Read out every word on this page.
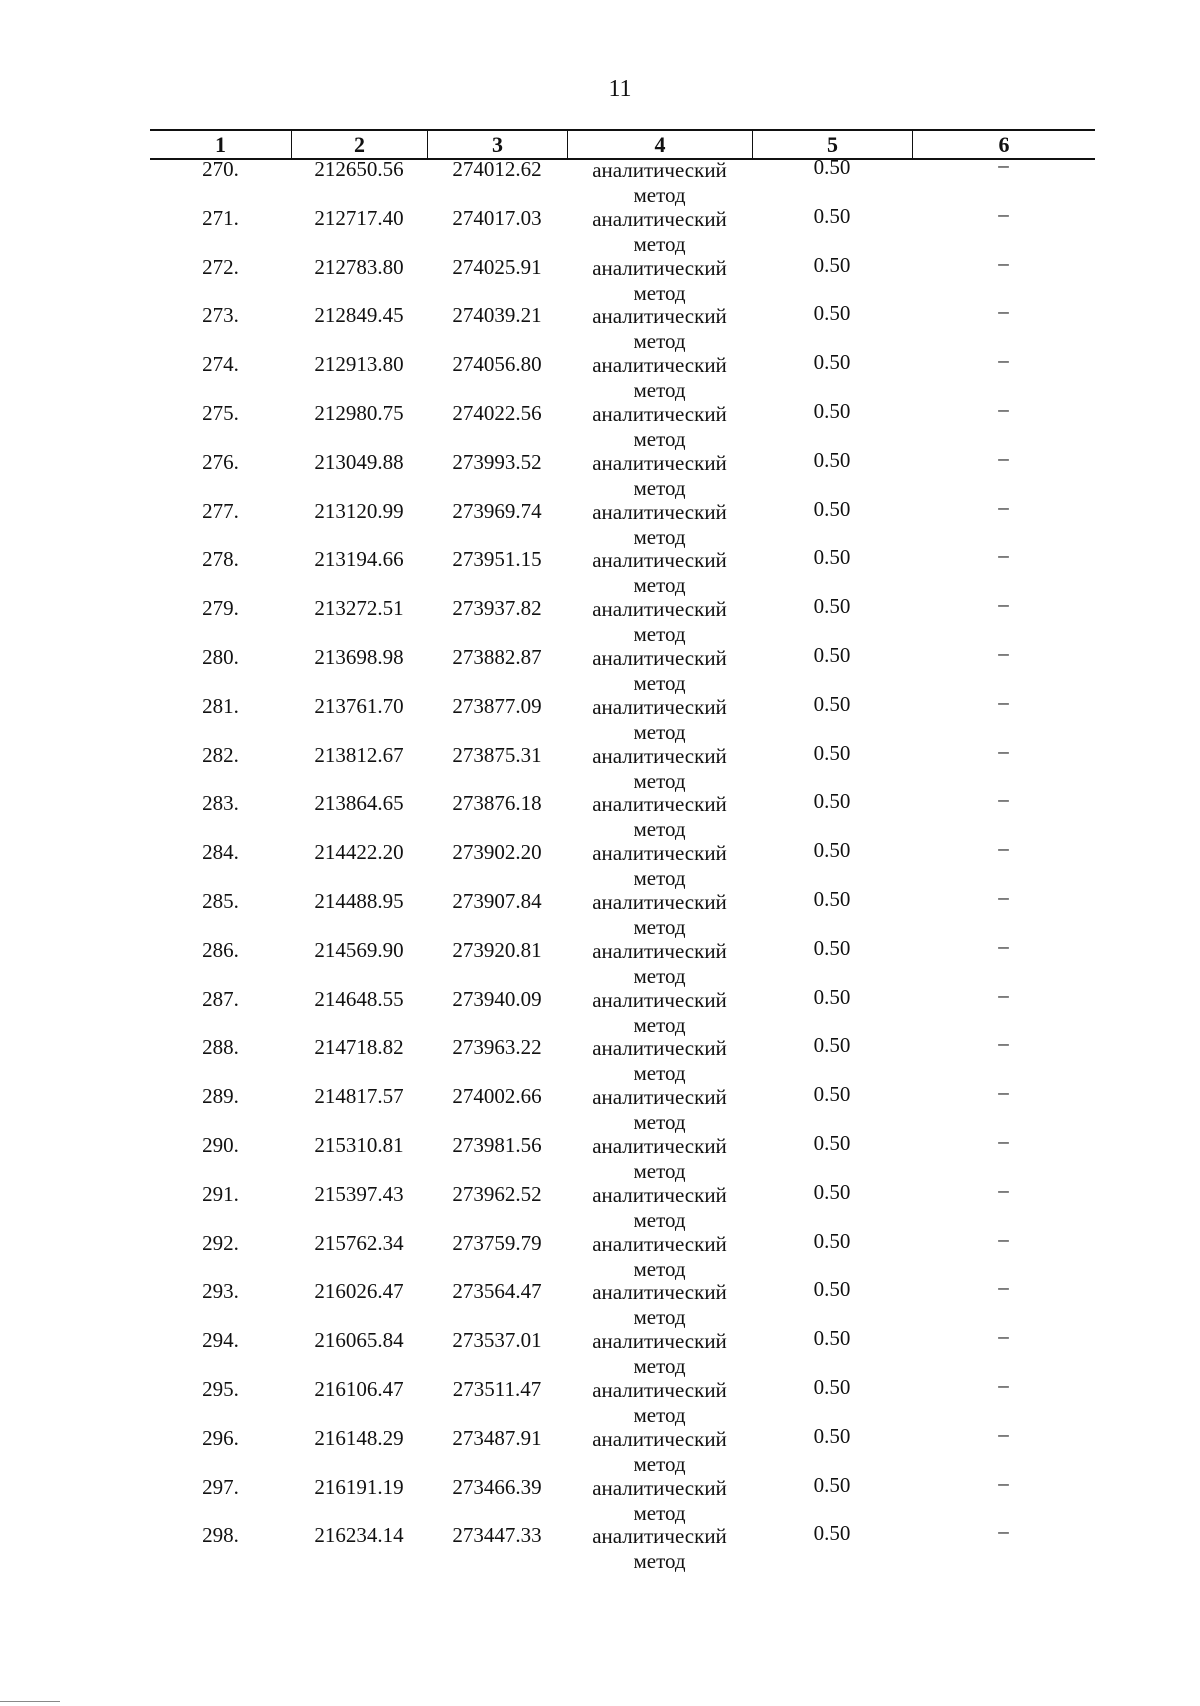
11
1	2	3	4	5	6
270.	212650.56	274012.62	аналитический
метод
0.50	–
271.	212717.40	274017.03	аналитический
метод
0.50	–
272.	212783.80	274025.91	аналитический
метод
0.50	–
273.	212849.45	274039.21	аналитический
метод
0.50	–
274.	212913.80	274056.80	аналитический
метод
0.50	–
275.	212980.75	274022.56	аналитический
метод
0.50	–
276.	213049.88	273993.52	аналитический
метод
0.50	–
277.	213120.99	273969.74	аналитический
метод
0.50	–
278.	213194.66	273951.15	аналитический
метод
0.50	–
279.	213272.51	273937.82	аналитический
метод
0.50	–
280.	213698.98	273882.87	аналитический
метод
0.50	–
281.	213761.70	273877.09	аналитический
метод
0.50	–
282.	213812.67	273875.31	аналитический
метод
0.50	–
283.	213864.65	273876.18	аналитический
метод
0.50	–
284.	214422.20	273902.20	аналитический
метод
0.50	–
285.	214488.95	273907.84	аналитический
метод
0.50	–
286.	214569.90	273920.81	аналитический
метод
0.50	–
287.	214648.55	273940.09	аналитический
метод
0.50	–
288.	214718.82	273963.22	аналитический
метод
0.50	–
289.	214817.57	274002.66	аналитический
метод
0.50	–
290.	215310.81	273981.56	аналитический
метод
0.50	–
291.	215397.43	273962.52	аналитический
метод
0.50	–
292.	215762.34	273759.79	аналитический
метод
0.50	–
293.	216026.47	273564.47	аналитический
метод
0.50	–
294.	216065.84	273537.01	аналитический
метод
0.50	–
295.	216106.47	273511.47	аналитический
метод
0.50	–
296.	216148.29	273487.91	аналитический
метод
0.50	–
297.	216191.19	273466.39	аналитический
метод
0.50	–
298.	216234.14	273447.33	аналитический
метод
0.50	–
